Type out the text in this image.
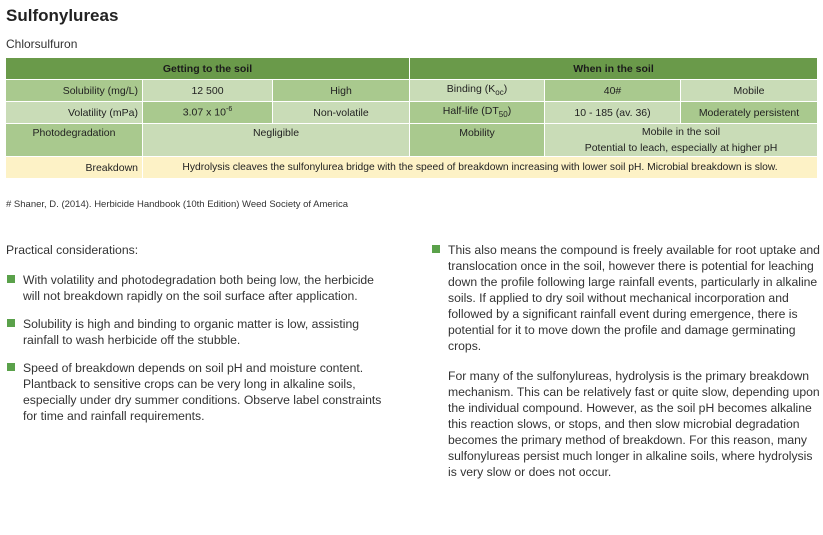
Sulfonylureas
Chlorsulfuron
Getting to the soil			When in the soil		
Solubility (mg/L)	12 500	High	Binding $(K_{oc})$	40#	Mobile
Volatility (mPa)	3.07 x $10^{-6}$	Non-volatile	Half-life $(DT_{50})$	10 - 185 (av. 36)	Moderately persistent
Photodegradation	Negligible		Mobility	Mobile in the soil
Potential to leach, especially at higher pH	

Breakdown	Hydrolysis cleaves the sulfonylurea bridge with the speed of breakdown increasing with lower soil pH. Microbial breakdown is slow.				
# Shaner, D. (2014). Herbicide Handbook (10th Edition) Weed Society of America
Practical considerations:
With volatility and photodegradation both being low, the herbicide will not breakdown rapidly on the soil surface after application.
Solubility is high and binding to organic matter is low, assisting rainfall to wash herbicide off the stubble.
Speed of breakdown depends on soil pH and moisture content. Plantback to sensitive crops can be very long in alkaline soils, especially under dry summer conditions. Observe label constraints for time and rainfall requirements.
This also means the compound is freely available for root uptake and translocation once in the soil, however there is potential for leaching down the profile following large rainfall events, particularly in alkaline soils. If applied to dry soil without mechanical incorporation and followed by a significant rainfall event during emergence, there is potential for it to move down the profile and damage germinating crops.
For many of the sulfonylureas, hydrolysis is the primary breakdown mechanism. This can be relatively fast or quite slow, depending upon the individual compound. However, as the soil pH becomes alkaline this reaction slows, or stops, and then slow microbial degradation becomes the primary method of breakdown. For this reason, many sulfonylureas persist much longer in alkaline soils, where hydrolysis is very slow or does not occur.
